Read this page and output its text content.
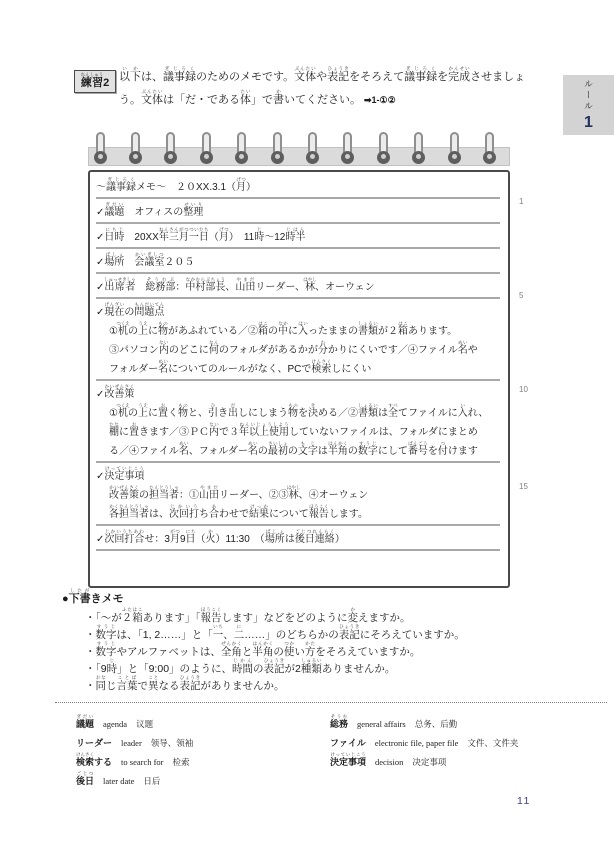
練習れんしゅう2 以下いかは、議事録ぎじろくのためのメモです。文体ぶんたいや表記ひょうきをそろえて議事録ぎじろくを完成かんせいさせましょ
う。文体ぶんたいは「だ・である体たい」で書かいてください。 ➡1-①②	ルール
1
～議事録ぎじろくメモ～　２０XX.3.1（月げつ）
✓議題ぎだい　オフィスの整理せいり
✓日時にちじ　20XX年三月一日ねんさんがつついたち（月げつ）　11時じ～12時半じはん
✓場所ばしょ　会議室かいぎしつ２０５
✓出席者しゅっせきしゃ　総務部そうむぶ：中村部長なかむらぶちょう、山田やまだリーダー、林はやし、オーウェン
✓現在げんざいの問題点もんだいてん
①机つくえの上うえに物ものがあふれている／②箱はこの中なかに入はいったままの書類しょるいが２箱はこあります。
③パソコン内ないのどこに何なんのフォルダがあるかが分わかりにくいです／④ファイル名めいや
フォルダー名めいについてのルールがなく、PCで検索けんさくしにくい
✓改善策かいぜんさく
①机つくえの上うえに置おく物ものと、引ひき出だしにしまう物ものを決きめる／②書類しょるいは全すべてファイルに入いれ、
棚たなに置おきます／③ＰＣ内ないで３年以上使用ねんいじょうしようしていないファイルは、フォルダにまとめ
る／④ファイル名めい、フォルダー名めいの最初さいしょの文字もじは半角はんかくの数字すうじにして番号ばんごうを付つけます
✓決定事項けっていじこう
改善策かいぜんさくの担当者たんとうしゃ：①山田やまだリーダー、②③林はやし、④オーウェン
各担当者かくたんとうしゃは、次回打じかいうち合あわせで結果けっかについて報告ほうこくします。
✓次回打合じかいうちあわせ：3月がつ9日にち（火か）11:30　（場所ばしょは後日連絡ごじつれんらく）
1
5
10
15
●下書したがきメモ
・「～が２箱ふたはこあります」「報告ほうこくします」などをどのように変かえますか。
・数字すうじは、「1, 2……」と「一いち、二に……」のどちらかの表記ひょうきにそろえていますか。
・数字すうじやアルファベットは、全角ぜんかくと半角はんかくの使つかい方かたをそろえていますか。
・「9時じ」と「9:00」のように、時間じかんの表記ひょうきが2種類しゅるいありませんか。
・同おなじ言葉ことばで異ことなる表記ひょうきがありませんか。
議題ぎだいagenda 议题
リーダー leader 领导、领袖
検索けんさくする to search for 检索
後日ごじつlater date 日后
総務そうむgeneral affairs 总务、后勤
ファイル electronic file, paper file 文件、文件夹
決定事項けっていじこうdecision 决定事项
11
